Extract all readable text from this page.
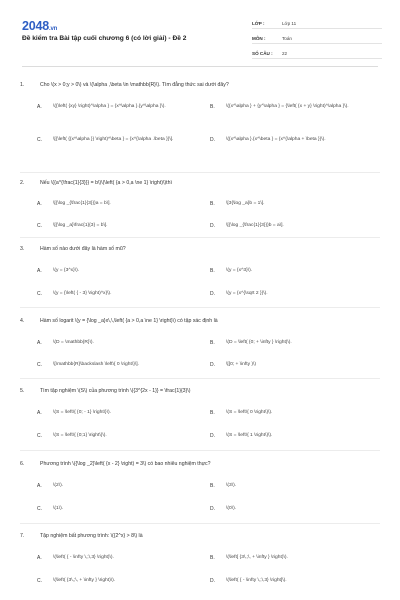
2048.vn
Đề kiểm tra Bài tập cuối chương 6 (có lời giải) - Đề 2
LỚP :	Lớp 11
MÔN :	Toán
SỐ CÂU :	22
1.	Cho \(x > 0;y > 0\) và \(\alpha ,\beta \in \mathbb{R}\). Tìm đẳng thức sai dưới đây?
A.	\({\left( {xy} \right)^\alpha } = {x^\alpha }.{y^\alpha }\).	B.	\({x^\alpha } + {y^\alpha } = {\left( {x + y} \right)^\alpha }\).
C.	\[{\left( {{x^\alpha }} \right)^\beta } = {x^{\alpha .\beta }}\].	D.	\({x^\alpha }.{x^\beta } = {x^{\alpha + \beta }}\).
2.	Nếu \({a^{\frac{1}{3}}} = b\)\(\left( {a > 0,a \ne 1} \right)\)thì
A.	\[{\log _{\frac{1}{3}}}a = b\].	B.	\[3{\log _a}b = 1\].
C.	\[{\log _a}\frac{1}{3} = b\].	D.	\[{\log _{\frac{1}{3}}}b = a\].
3.	Hàm số nào dưới đây là hàm số mũ?
A.	\(y = {3^x}\).	B.	\(y = {x^3}\).
C.	\(y = {\left( { - 3} \right)^x}\).	D.	\(y = {x^{\sqrt 2 }}\).
4.	Hàm số logarit \(y = {\log _a}x\,\,\left( {a > 0,a \ne 1} \right)\) có tập xác định là
A.	\(D = \mathbb{R}\).	B.	\(D = \left( {0; + \infty } \right)\).
C.	\[\mathbb{R}\backslash \left\{ 0 \right\}\].	D.	\[[0; + \infty )\)
5.	Tìm tập nghiệm \(S\) của phương trình \({3^{2x - 1}} = \frac{1}{3}\)
A.	\(S = \left\{ {0; - 1} \right\}\).	B.	\(S = \left\{ 0 \right\}\).
C.	\(S = \left\{ {0;1} \right\}\).	D.	\(S = \left\{ 1 \right\}\).
6.	Phương trình \({\log _2}\left( {x - 2} \right) = 3\) có bao nhiêu nghiệm thực?
A.	\(2\).	B.	\(3\).
C.	\(1\).	D.	\(0\).
7.	Tập nghiệm bất phương trình: \({2^x} > 8\) là
A.	\(\left( { - \infty \,;\,3} \right)\).	B.	\(\left[ {3\,;\, + \infty } \right)\).
C.	\(\left( {3\,;\, + \infty } \right)\).	D.	\(\left( { - \infty \,;\,3} \right]\).
